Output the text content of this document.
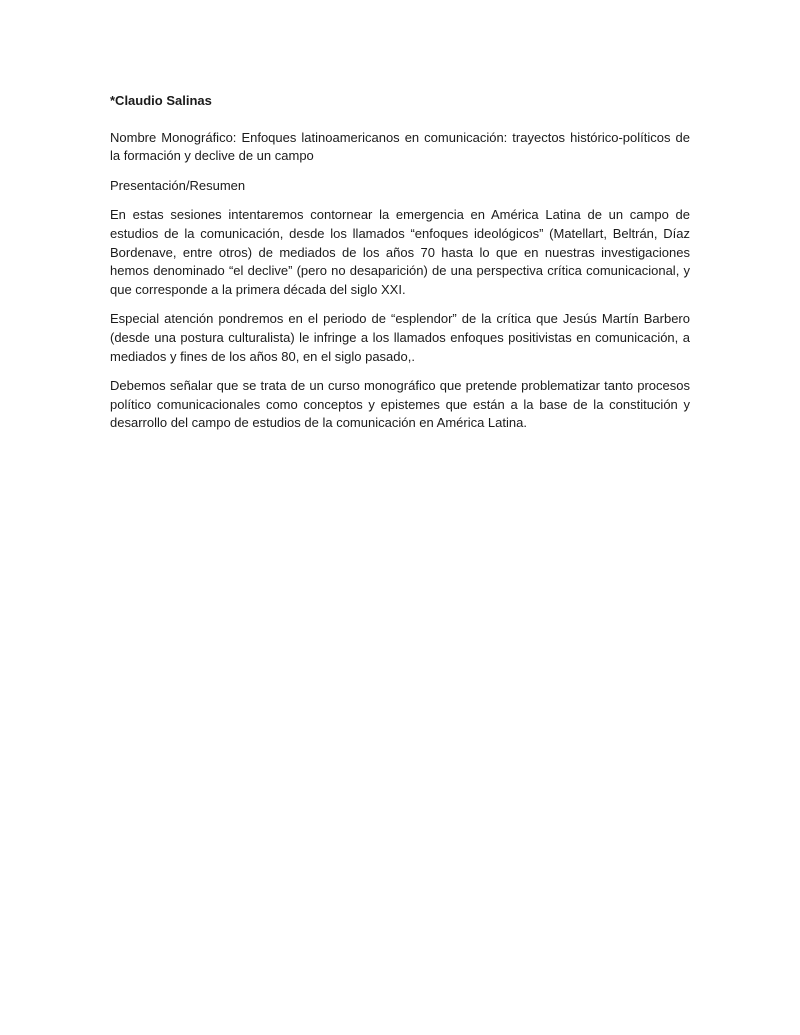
*Claudio Salinas

Nombre Monográfico: Enfoques latinoamericanos en comunicación: trayectos histórico-políticos de la formación y declive de un campo

Presentación/Resumen

En estas sesiones intentaremos contornear la emergencia en América Latina de un campo de estudios de la comunicación, desde los llamados “enfoques ideológicos” (Matellart, Beltrán, Díaz Bordenave, entre otros) de mediados de los años 70 hasta lo que en nuestras investigaciones hemos denominado “el declive” (pero no desaparición) de una perspectiva crítica comunicacional, y que corresponde a la primera década del siglo XXI.

Especial atención pondremos en el periodo de “esplendor” de la crítica que Jesús Martín Barbero (desde una postura culturalista) le infringe a los llamados enfoques positivistas en comunicación, a mediados y fines de los años 80, en el siglo pasado,.

Debemos señalar que se trata de un curso monográfico que pretende problematizar tanto procesos político comunicacionales como conceptos y epistemes que están a la base de la constitución y desarrollo del campo de estudios de la comunicación en América Latina.
